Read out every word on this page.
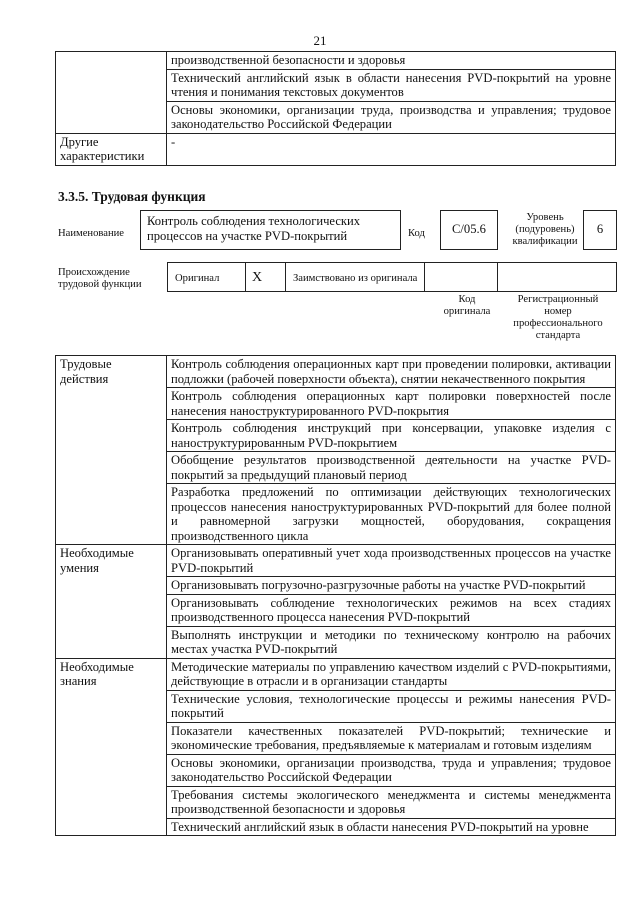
21
	производственной безопасности и здоровья
	Технический английский язык в области нанесения PVD-покрытий на уровне чтения и понимания текстовых документов
	Основы экономики, организации труда, производства и управления; трудовое законодательство Российской Федерации
Другие характеристики	-
3.3.5. Трудовая функция
Наименование
Контроль соблюдения технологических процессов на участке PVD-покрытий	Код	C/05.6
Уровень (подуровень) квалификации
6
Происхождение трудовой функции
Оригинал X	Заимствовано из оригинала
Код оригинала
Регистрационный номер профессионального стандарта
Трудовые действия	Контроль соблюдения операционных карт при проведении полировки, активации подложки (рабочей поверхности объекта), снятии некачественного покрытия
	Контроль соблюдения операционных карт полировки поверхностей после нанесения наноструктурированного PVD-покрытия
	Контроль соблюдения инструкций при консервации, упаковке изделия с наноструктурированным PVD-покрытием
	Обобщение результатов производственной деятельности на участке PVD-покрытий за предыдущий плановый период
	Разработка предложений по оптимизации действующих технологических процессов нанесения наноструктурированных PVD-покрытий для более полной и равномерной загрузки мощностей, оборудования, сокращения производственного цикла
Необходимые умения	Организовывать оперативный учет хода производственных процессов на участке PVD-покрытий
	Организовывать погрузочно-разгрузочные работы на участке PVD-покрытий
	Организовывать соблюдение технологических режимов на всех стадиях производственного процесса нанесения PVD-покрытий
	Выполнять инструкции и методики по техническому контролю на рабочих местах участка PVD-покрытий
Необходимые знания	Методические материалы по управлению качеством изделий с PVD-покрытиями, действующие в отрасли и в организации стандарты
	Технические условия, технологические процессы и режимы нанесения PVD-покрытий
	Показатели качественных показателей PVD-покрытий; технические и экономические требования, предъявляемые к материалам и готовым изделиям
	Основы экономики, организации производства, труда и управления; трудовое законодательство Российской Федерации
	Требования системы экологического менеджмента и системы менеджмента производственной безопасности и здоровья
	Технический английский язык в области нанесения PVD-покрытий на уровне
